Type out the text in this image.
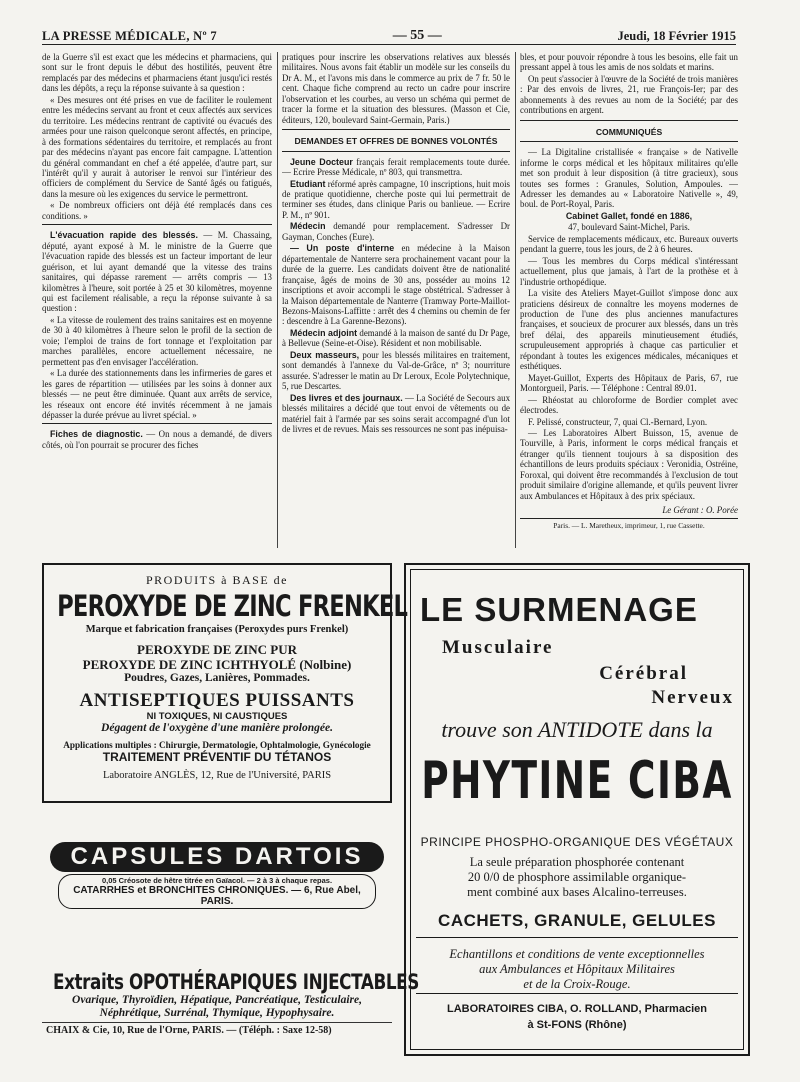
LA PRESSE MÉDICALE, Nº 7	— 55 —	Jeudi, 18 Février 1915

de la Guerre s'il est exact que les médecins et pharmaciens, qui sont sur le front depuis le début des hostilités, peuvent être remplacés par des médecins et pharmaciens étant jusqu'ici restés dans les dépôts, a reçu la réponse suivante à sa question :

« Des mesures ont été prises en vue de faciliter le roulement entre les médecins servant au front et ceux affectés aux services du territoire. Les médecins rentrant de captivité ou évacués des armées pour une raison quelconque seront affectés, en principe, à des formations sédentaires du territoire, et remplacés au front par des médecins n'ayant pas encore fait campagne. L'attention du général commandant en chef a été appelée, d'autre part, sur l'intérêt qu'il y aurait à autoriser le renvoi sur l'intérieur des officiers de complément du Service de Santé âgés ou fatigués, dans la mesure où les exigences du service le permettront.

« De nombreux officiers ont déjà été remplacés dans ces conditions. »

L'évacuation rapide des blessés. — M. Chassaing, député, ayant exposé à M. le ministre de la Guerre que l'évacuation rapide des blessés est un facteur important de leur guérison, et lui ayant demandé que la vitesse des trains sanitaires, qui dépasse rarement — arrêts compris — 13 kilomètres à l'heure, soit portée à 25 et 30 kilomètres, moyenne qui est facilement réalisable, a reçu la réponse suivante à sa question :

« La vitesse de roulement des trains sanitaires est en moyenne de 30 à 40 kilomètres à l'heure selon le profil de la section de voie; l'emploi de trains de fort tonnage et l'exploitation par marches parallèles, encore actuellement nécessaire, ne permettent pas d'en envisager l'accélération.

« La durée des stationnements dans les infirmeries de gares et les gares de répartition — utilisées par les soins à donner aux blessés — ne peut être diminuée. Quant aux arrêts de service, les réseaux ont encore été invités récemment à ne jamais dépasser la durée prévue au livret spécial. »

Fiches de diagnostic. — On nous a demandé, de divers côtés, où l'on pourrait se procurer des fiches

pratiques pour inscrire les observations relatives aux blessés militaires. Nous avons fait établir un modèle sur les conseils du Dr A. M., et l'avons mis dans le commerce au prix de 7 fr. 50 le cent. Chaque fiche comprend au recto un cadre pour inscrire l'observation et les courbes, au verso un schéma qui permet de tracer la forme et la situation des blessures. (Masson et Cie, éditeurs, 120, boulevard Saint-Germain, Paris.)

DEMANDES ET OFFRES DE BONNES VOLONTÉS

Jeune Docteur français ferait remplacements toute durée. — Ecrire Presse Médicale, nº 803, qui transmettra.

Etudiant réformé après campagne, 10 inscriptions, huit mois de pratique quotidienne, cherche poste qui lui permettrait de terminer ses études, dans clinique Paris ou banlieue. — Ecrire P. M., nº 901.

Médecin demandé pour remplacement. S'adresser Dr Gayman, Conches (Eure).

— Un poste d'interne en médecine à la Maison départementale de Nanterre sera prochainement vacant pour la durée de la guerre. Les candidats doivent être de nationalité française, âgés de moins de 30 ans, posséder au moins 12 inscriptions et avoir accompli le stage obstétrical. S'adresser à la Maison départementale de Nanterre (Tramway Porte-Maillot-Bezons-Maisons-Laffitte : arrêt des 4 chemins ou chemin de fer : descendre à La Garenne-Bezons).

Médecin adjoint demandé à la maison de santé du Dr Page, à Bellevue (Seine-et-Oise). Résident et non mobilisable.

Deux masseurs, pour les blessés militaires en traitement, sont demandés à l'annexe du Val-de-Grâce, nº 3; nourriture assurée. S'adresser le matin au Dr Leroux, Ecole Polytechnique, 5, rue Descartes.

Des livres et des journaux. — La Société de Secours aux blessés militaires a décidé que tout envoi de vêtements ou de matériel fait à l'armée par ses soins serait accompagné d'un lot de livres et de revues. Mais ses ressources ne sont pas inépuisa-

bles, et pour pouvoir répondre à tous les besoins, elle fait un pressant appel à tous les amis de nos soldats et marins.

On peut s'associer à l'œuvre de la Société de trois manières : Par des envois de livres, 21, rue François-Ier; par des abonnements à des revues au nom de la Société; par des contributions en argent.

COMMUNIQUÉS

— La Digitaline cristallisée « française » de Nativelle informe le corps médical et les hôpitaux militaires qu'elle met son produit à leur disposition (à titre gracieux), sous toutes ses formes : Granules, Solution, Ampoules. — Adresser les demandes au « Laboratoire Nativelle », 49, boul. de Port-Royal, Paris.

Cabinet Gallet, fondé en 1886,

47, boulevard Saint-Michel, Paris.

Service de remplacements médicaux, etc. Bureaux ouverts pendant la guerre, tous les jours, de 2 à 6 heures.

— Tous les membres du Corps médical s'intéressant actuellement, plus que jamais, à l'art de la prothèse et à l'industrie orthopédique.

La visite des Ateliers Mayet-Guillot s'impose donc aux praticiens désireux de connaître les moyens modernes de production de l'une des plus anciennes manufactures françaises, et soucieux de procurer aux blessés, dans un très bref délai, des appareils minutieusement étudiés, scrupuleusement appropriés à chaque cas particulier et répondant à toutes les exigences médicales, mécaniques et esthétiques.

Mayet-Guillot, Experts des Hôpitaux de Paris, 67, rue Montorgueil, Paris. — Téléphone : Central 89.01.

— Rhéostat au chloroforme de Bordier complet avec électrodes.

F. Pelissé, constructeur, 7, quai Cl.-Bernard, Lyon.

— Les Laboratoires Albert Buisson, 15, avenue de Tourville, à Paris, informent le corps médical français et étranger qu'ils tiennent toujours à sa disposition des échantillons de leurs produits spéciaux : Veronidia, Ostréine, Foroxal, qui doivent être recommandés à l'exclusion de tout produit similaire d'origine allemande, et qu'ils peuvent livrer aux Ambulances et Hôpitaux à des prix spéciaux.

Le Gérant : O. Porée

Paris. — L. Maretheux, imprimeur, 1, rue Cassette.

PRODUITS à BASE de
PEROXYDE DE ZINC FRENKEL
Marque et fabrication françaises (Peroxydes purs Frenkel)
PEROXYDE DE ZINC PUR
PEROXYDE DE ZINC ICHTHYOLÉ (Nolbine)
Poudres, Gazes, Lanières, Pommades.
ANTISEPTIQUES PUISSANTS
NI TOXIQUES, NI CAUSTIQUES
Dégagent de l'oxygène d'une manière prolongée.
Applications multiples : Chirurgie, Dermatologie, Ophtalmologie, Gynécologie
TRAITEMENT PRÉVENTIF DU TÉTANOS
Laboratoire ANGLÈS, 12, Rue de l'Université, PARIS
CAPSULES DARTOIS
0,05 Créosote de hêtre titrée en Gaïacol. — 2 à 3 à chaque repas.
CATARRHES et BRONCHITES CHRONIQUES. — 6, Rue Abel, PARIS.
Extraits OPOTHÉRAPIQUES INJECTABLES
Ovarique, Thyroïdien, Hépatique, Pancréatique, Testiculaire,
Néphrétique, Surrénal, Thymique, Hypophysaire.
CHAIX & Cie, 10, Rue de l'Orne, PARIS. — (Téléph. : Saxe 12-58)
LE SURMENAGE
Musculaire
Cérébral
Nerveux
trouve son ANTIDOTE dans la
PHYTINE CIBA
PRINCIPE PHOSPHO-ORGANIQUE DES VÉGÉTAUX
La seule préparation phosphorée contenant
20 0/0 de phosphore assimilable organique-
ment combiné aux bases Alcalino-terreuses.
CACHETS, GRANULE, GELULES
Echantillons et conditions de vente exceptionnelles
aux Ambulances et Hôpitaux Militaires
et de la Croix-Rouge.
LABORATOIRES CIBA, O. ROLLAND, Pharmacien
à St-FONS (Rhône)
